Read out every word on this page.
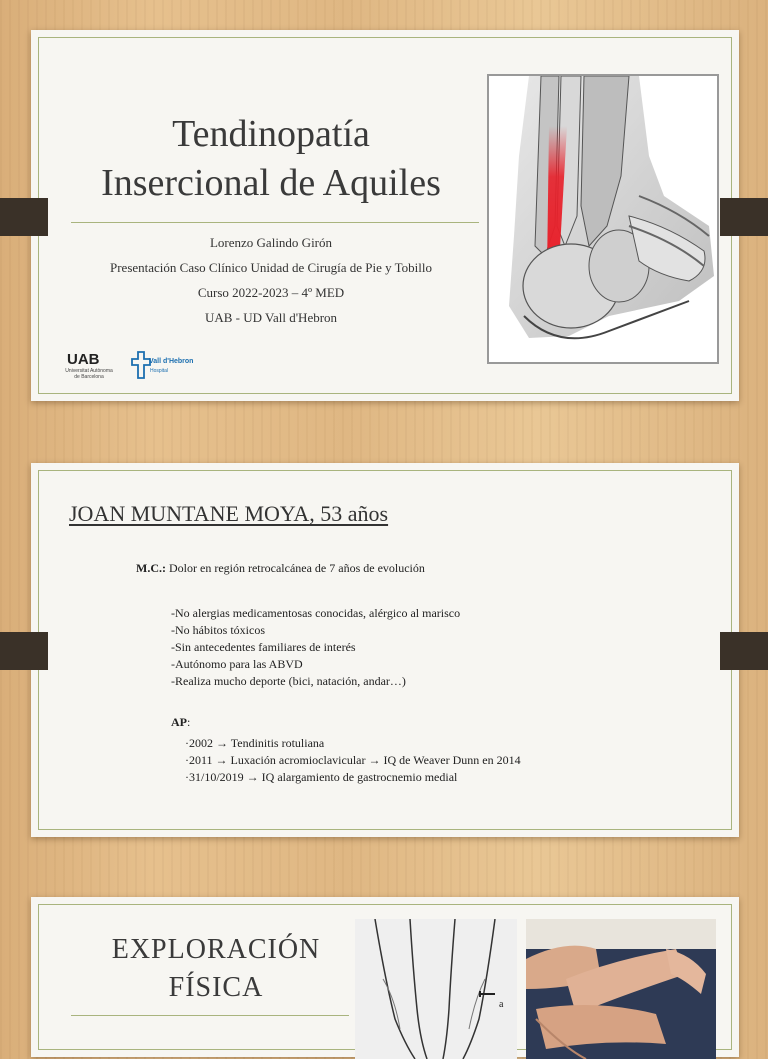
Tendinopatía
Insercional de Aquiles
Lorenzo Galindo Girón
Presentación Caso Clínico Unidad de Cirugía de Pie y Tobillo
Curso 2022-2023 – 4º MED
UAB - UD Vall d'Hebron
UAB
Universitat Autònoma
de Barcelona
Vall d'Hebron
Hospital
JOAN MUNTANE MOYA, 53 años
M.C.: Dolor en región retrocalcánea de 7 años de evolución
-No alergias medicamentosas conocidas, alérgico al marisco
-No hábitos tóxicos
-Sin antecedentes familiares de interés
-Autónomo para las ABVD
-Realiza mucho deporte (bici, natación, andar…)
AP:
·2002 → Tendinitis rotuliana
·2011 → Luxación acromioclavicular → IQ de Weaver Dunn en 2014
·31/10/2019 → IQ alargamiento de gastrocnemio medial
EXPLORACIÓN
FÍSICA
a
